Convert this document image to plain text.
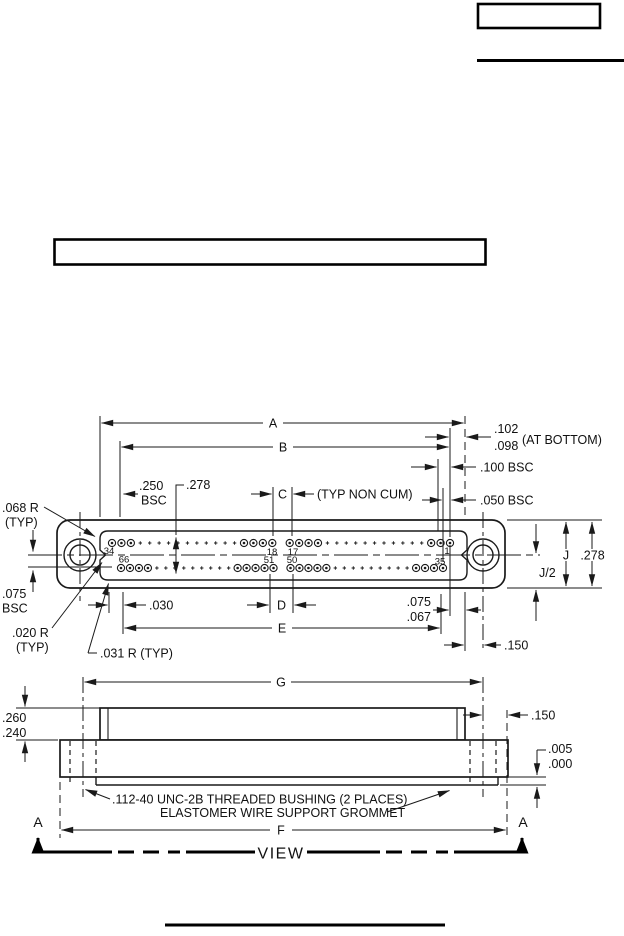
34	18 17	1
66	51 50	35
A
B
.102
.098 (AT BOTTOM)
.100 BSC
.050 BSC
C (TYP NON CUM)
.250
BSC
.278
.068 R
(TYP)
.075
BSC
.020 R
(TYP)	.031 R (TYP)
.030	D
E
.075
.067
.150
J/2
J .278
G
.260
.240
.150
.005
.000
.112-40 UNC-2B THREADED BUSHING (2 PLACES)
ELASTOMER WIRE SUPPORT GROMMET
F
A	A
VIEW
